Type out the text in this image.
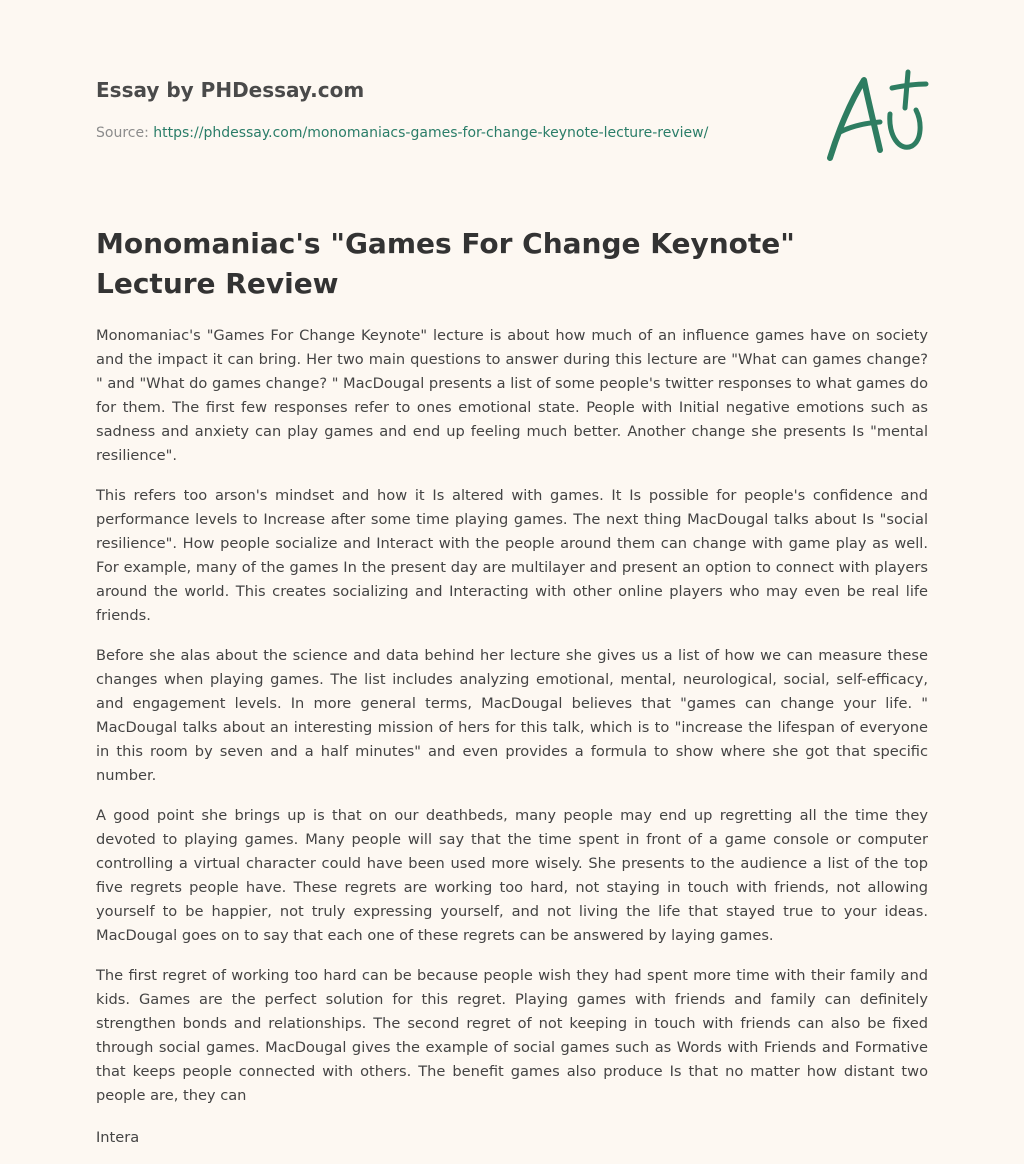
Essay by PHDessay.com

Source: https://phdessay.com/monomaniacs-games-for-change-keynote-lecture-review/
Monomaniac's "Games For Change Keynote" Lecture Review

Monomaniac's "Games For Change Keynote" lecture is about how much of an influence games have on society and the impact it can bring. Her two main questions to answer during this lecture are "What can games change? " and "What do games change? " MacDougal presents a list of some people's twitter responses to what games do for them. The first few responses refer to ones emotional state. People with Initial negative emotions such as sadness and anxiety can play games and end up feeling much better. Another change she presents Is "mental resilience".

This refers too arson's mindset and how it Is altered with games. It Is possible for people's confidence and performance levels to Increase after some time playing games. The next thing MacDougal talks about Is "social resilience". How people socialize and Interact with the people around them can change with game play as well. For example, many of the games In the present day are multilayer and present an option to connect with players around the world. This creates socializing and Interacting with other online players who may even be real life friends.

Before she alas about the science and data behind her lecture she gives us a list of how we can measure these changes when playing games. The list includes analyzing emotional, mental, neurological, social, self-efficacy, and engagement levels. In more general terms, MacDougal believes that "games can change your life. " MacDougal talks about an interesting mission of hers for this talk, which is to "increase the lifespan of everyone in this room by seven and a half minutes" and even provides a formula to show where she got that specific number.

A good point she brings up is that on our deathbeds, many people may end up regretting all the time they devoted to playing games. Many people will say that the time spent in front of a game console or computer controlling a virtual character could have been used more wisely. She presents to the audience a list of the top five regrets people have. These regrets are working too hard, not staying in touch with friends, not allowing yourself to be happier, not truly expressing yourself, and not living the life that stayed true to your ideas. MacDougal goes on to say that each one of these regrets can be answered by laying games.

The first regret of working too hard can be because people wish they had spent more time with their family and kids. Games are the perfect solution for this regret. Playing games with friends and family can definitely strengthen bonds and relationships. The second regret of not keeping in touch with friends can also be fixed through social games. MacDougal gives the example of social games such as Words with Friends and Formative that keeps people connected with others. The benefit games also produce Is that no matter how distant two people are, they can

Intera
